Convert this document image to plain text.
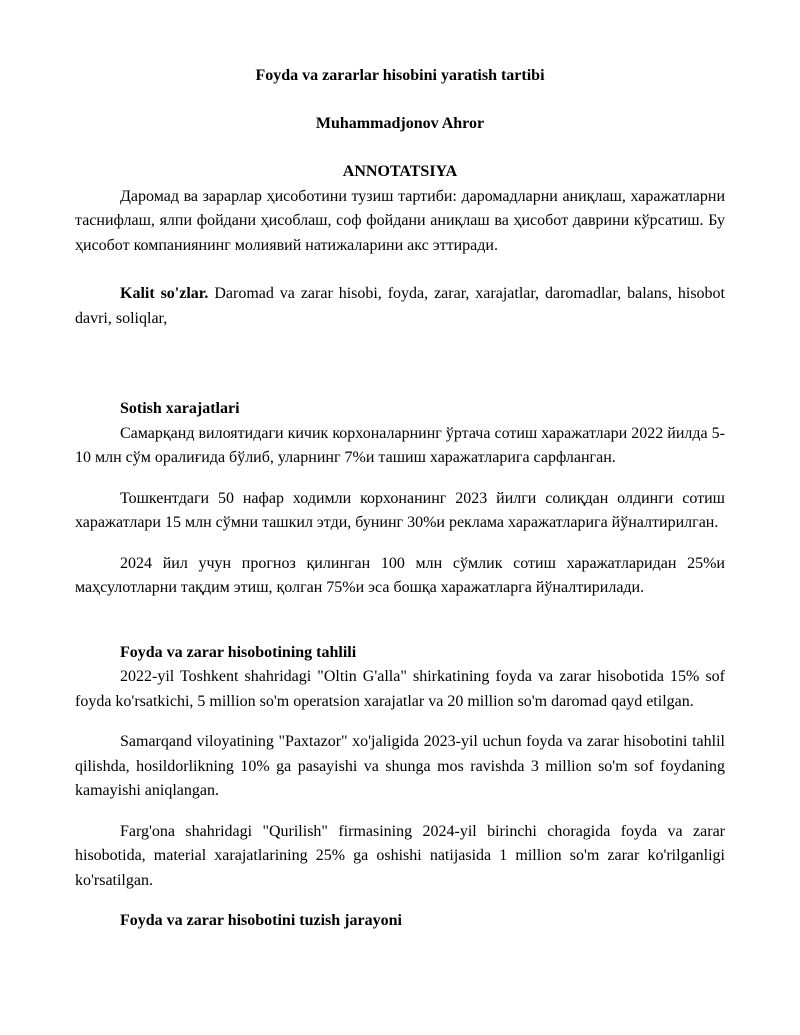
Foyda va zararlar hisobini yaratish tartibi
Muhammadjonov Ahror
ANNOTATSIYA

Даромад ва зарарлар ҳисоботини тузиш тартиби: даромадларни аниқлаш, харажатларни таснифлаш, ялпи фойдани ҳисоблаш, соф фойдани аниқлаш ва ҳисобот даврини кўрсатиш. Бу ҳисобот компаниянинг молиявий натижаларини акс эттиради.

Kalit so'zlar. Daromad va zarar hisobi, foyda, zarar, xarajatlar, daromadlar, balans, hisobot davri, soliqlar,

Sotish xarajatlari

Самарқанд вилоятидаги кичик корхоналарнинг ўртача сотиш харажатлари 2022 йилда 5-10 млн сўм оралиғида бўлиб, уларнинг 7%и ташиш харажатларига сарфланган.

Тошкентдаги 50 нафар ходимли корхонанинг 2023 йилги солиқдан олдинги сотиш харажатлари 15 млн сўмни ташкил этди, бунинг 30%и реклама харажатларига йўналтирилган.

2024 йил учун прогноз қилинган 100 млн сўмлик сотиш харажатларидан 25%и маҳсулотларни тақдим этиш, қолган 75%и эса бошқа харажатларга йўналтирилади.

Foyda va zarar hisobotining tahlili

2022-yil Toshkent shahridagi "Oltin G'alla" shirkatining foyda va zarar hisobotida 15% sof foyda ko'rsatkichi, 5 million so'm operatsion xarajatlar va 20 million so'm daromad qayd etilgan.

Samarqand viloyatining "Paxtazor" xo'jaligida 2023-yil uchun foyda va zarar hisobotini tahlil qilishda, hosildorlikning 10% ga pasayishi va shunga mos ravishda 3 million so'm sof foydaning kamayishi aniqlangan.

Farg'ona shahridagi "Qurilish" firmasining 2024-yil birinchi choragida foyda va zarar hisobotida, material xarajatlarining 25% ga oshishi natijasida 1 million so'm zarar ko'rilganligi ko'rsatilgan.

Foyda va zarar hisobotini tuzish jarayoni
